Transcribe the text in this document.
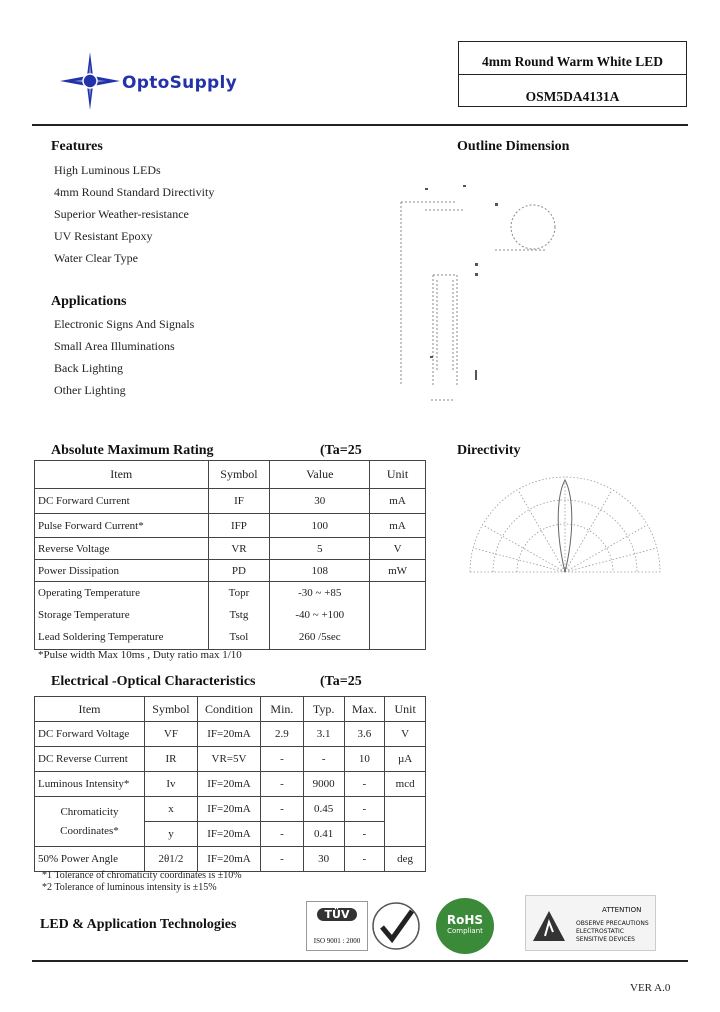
OptoSupply
4mm Round Warm White LED
OSM5DA4131A
Features
High Luminous LEDs
4mm Round Standard Directivity
Superior Weather-resistance
UV Resistant Epoxy
Water Clear Type
Applications
Electronic Signs And Signals
Small Area Illuminations
Back Lighting
Other Lighting
Outline Dimension
Directivity
Absolute Maximum Rating	(Ta=25
Item	Symbol	Value	Unit
DC Forward Current	IF	30	mA
Pulse Forward Current*	IFP	100	mA
Reverse Voltage	VR	5	V
Power Dissipation	PD	108	mW
Operating Temperature	Topr	-30 ~ +85	
Storage Temperature	Tstg	-40 ~ +100	
Lead Soldering Temperature	Tsol	260 /5sec	
*Pulse width Max 10ms , Duty ratio max 1/10
Electrical -Optical Characteristics	(Ta=25
Item	Symbol	Condition	Min.	Typ.	Max.	Unit
DC Forward Voltage	VF	IF=20mA	2.9	3.1	3.6	V
DC Reverse Current	IR	VR=5V	-	-	10	µA
Luminous Intensity*	Iv	IF=20mA	-	9000	-	mcd
Chromaticity Coordinates*	x	IF=20mA	-	0.45	-	
	y	IF=20mA	-	0.41	-	
50% Power Angle	2θ1/2	IF=20mA	-	30	-	deg
*1 Tolerance of chromaticity coordinates is ±10%
*2 Tolerance of luminous intensity is ±15%
LED & Application Technologies
TÜV
ISO 9001 : 2000
RoHS
Compliant
ATTENTION
OBSERVE PRECAUTIONS
ELECTROSTATIC
SENSITIVE DEVICES
VER A.0
